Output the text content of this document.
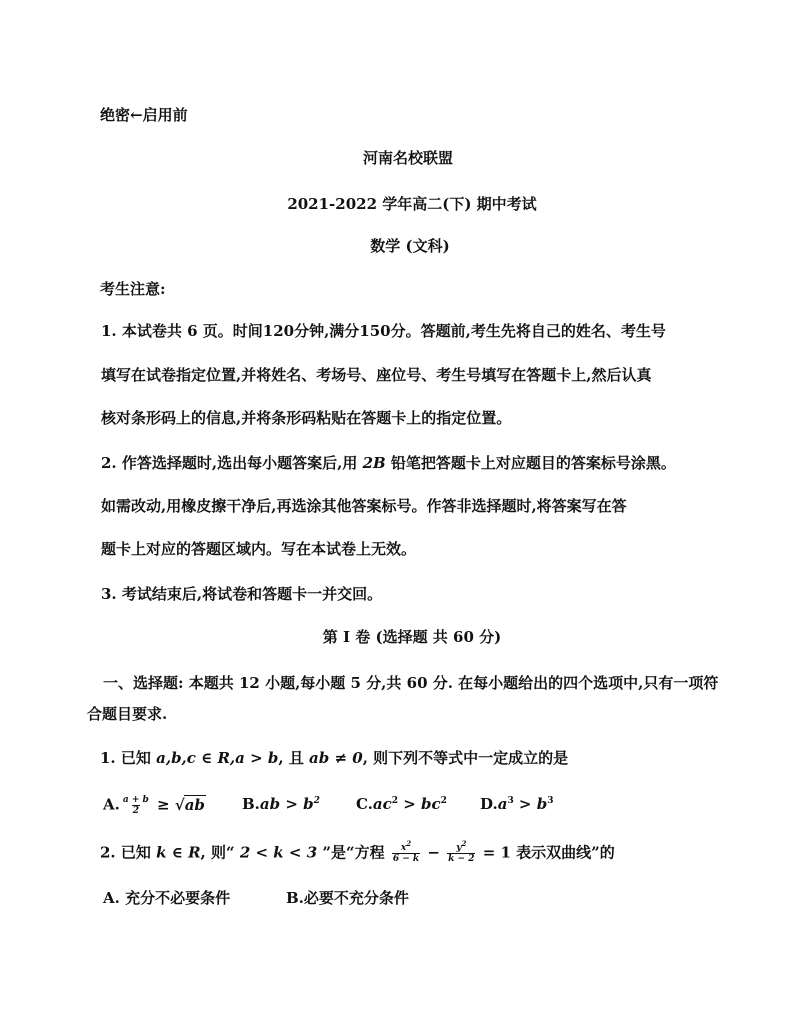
绝密←启用前
河南名校联盟
2021-2022 学年高二(下) 期中考试
数学 (文科)
考生注意:
1. 本试卷共 6 页。时间120分钟,满分150分。答题前,考生先将自己的姓名、考生号
填写在试卷指定位置,并将姓名、考场号、座位号、考生号填写在答题卡上,然后认真
核对条形码上的信息,并将条形码粘贴在答题卡上的指定位置。
2. 作答选择题时,选出每小题答案后,用 2B 铅笔把答题卡上对应题目的答案标号涂黑。
如需改动,用橡皮擦干净后,再选涂其他答案标号。作答非选择题时,将答案写在答
题卡上对应的答题区域内。写在本试卷上无效。
3. 考试结束后,将试卷和答题卡一并交回。
第 I 卷 (选择题 共 60 分)
一、选择题: 本题共 12 小题,每小题 5 分,共 60 分. 在每小题给出的四个选项中,只有一项符
合题目要求.
1. 已知 a,b,c ∈ R,a > b, 且 ab ≠ 0, 则下列不等式中一定成立的是
A. $\frac{a + b}{2} \ge √ab$ $B.ab > b^2$ $C.ac^2 > bc^2$ $D.a^3 > b^3$
2. 已知 k ∈ R, 则“ 2 < k < 3 ”是“方程 $\frac{x^2}{6 - k} - \frac{y^2}{k - 2} = 1$ 表示双曲线”的
A. 充分不必要条件	B.必要不充分条件
